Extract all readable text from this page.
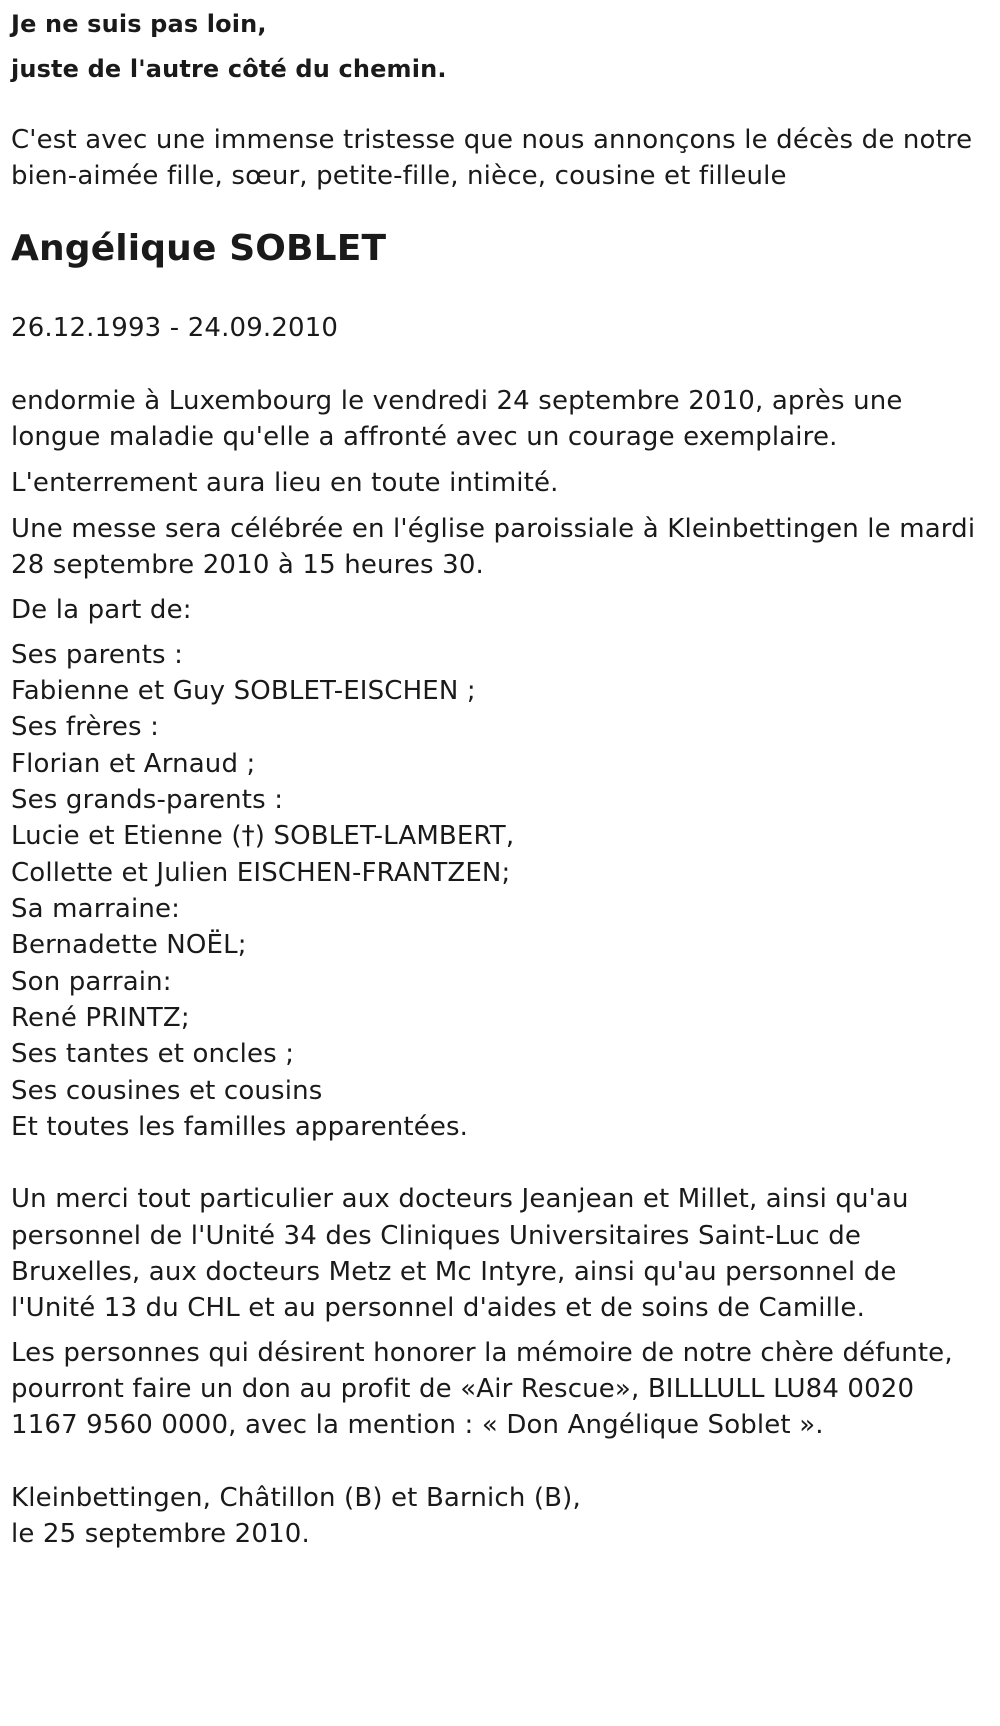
Je ne suis pas loin,
juste de l'autre côté du chemin.
C'est avec une immense tristesse que nous annonçons le décès de notre
bien-aimée fille, sœur, petite-fille, nièce, cousine et filleule
Angélique SOBLET
26.12.1993 - 24.09.2010
endormie à Luxembourg le vendredi 24 septembre 2010, après une
longue maladie qu'elle a affronté avec un courage exemplaire.
L'enterrement aura lieu en toute intimité.
Une messe sera célébrée en l'église paroissiale à Kleinbettingen le mardi
28 septembre 2010 à 15 heures 30.
De la part de:
Ses parents :
Fabienne et Guy SOBLET-EISCHEN ;
Ses frères :
Florian et Arnaud ;
Ses grands-parents :
Lucie et Etienne (†) SOBLET-LAMBERT,
Collette et Julien EISCHEN-FRANTZEN;
Sa marraine:
Bernadette NOËL;
Son parrain:
René PRINTZ;
Ses tantes et oncles ;
Ses cousines et cousins
Et toutes les familles apparentées.
Un merci tout particulier aux docteurs Jeanjean et Millet, ainsi qu'au
personnel de l'Unité 34 des Cliniques Universitaires Saint-Luc de
Bruxelles, aux docteurs Metz et Mc Intyre, ainsi qu'au personnel de
l'Unité 13 du CHL et au personnel d'aides et de soins de Camille.
Les personnes qui désirent honorer la mémoire de notre chère défunte,
pourront faire un don au profit de «Air Rescue», BILLLULL LU84 0020
1167 9560 0000, avec la mention : « Don Angélique Soblet ».
Kleinbettingen, Châtillon (B) et Barnich (B),
le 25 septembre 2010.
